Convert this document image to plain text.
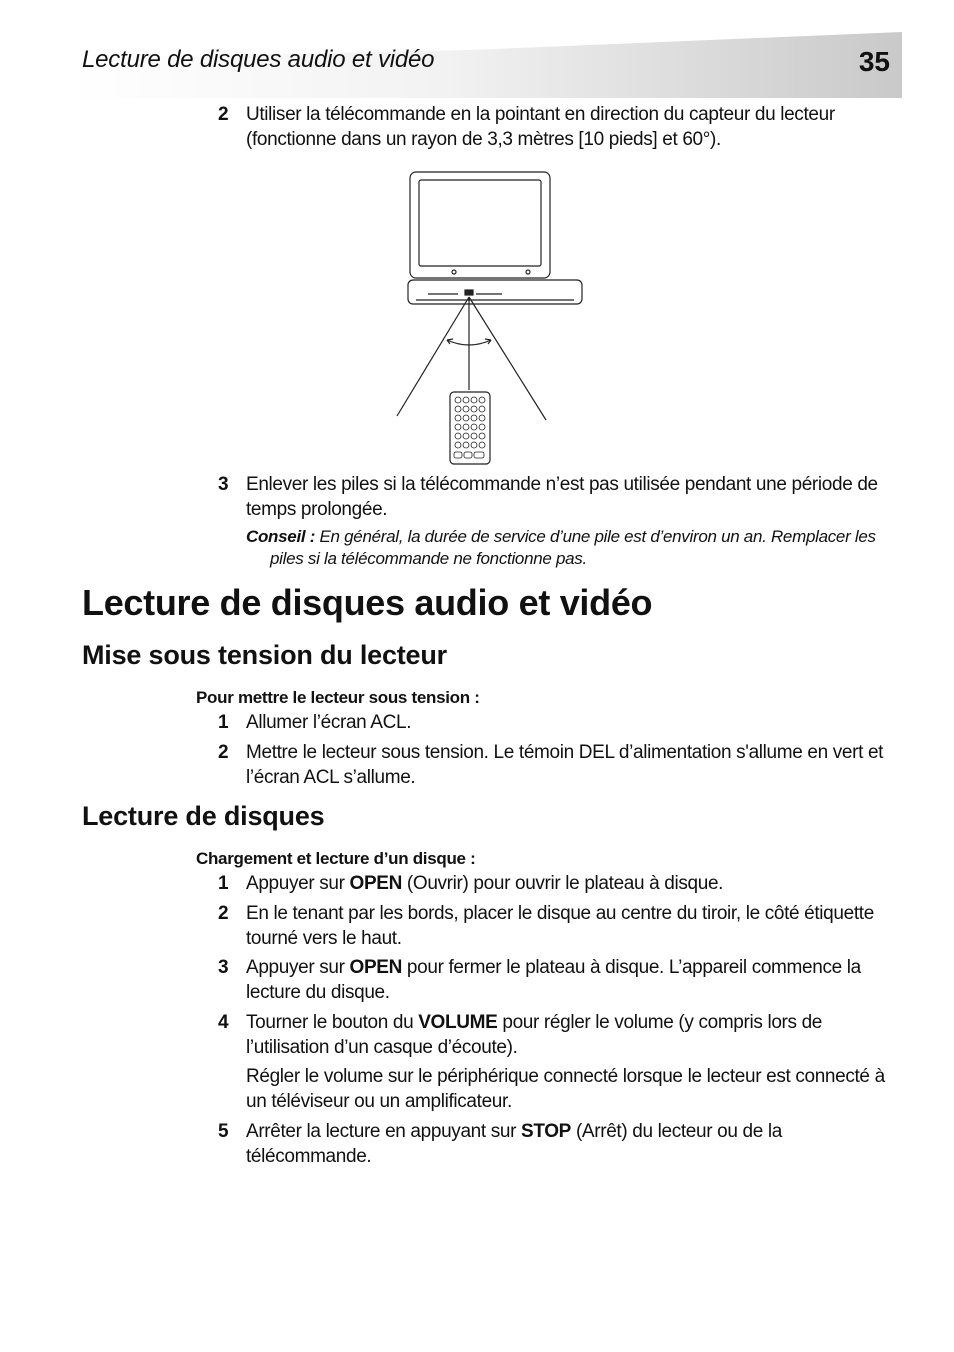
Lecture de disques audio et vidéo	35
2 Utiliser la télécommande en la pointant en direction du capteur du lecteur (fonctionne dans un rayon de 3,3 mètres [10 pieds] et 60°).
3 Enlever les piles si la télécommande n’est pas utilisée pendant une période de temps prolongée.
Conseil : En général, la durée de service d’une pile est d’environ un an. Remplacer les piles si la télécommande ne fonctionne pas.
Lecture de disques audio et vidéo
Mise sous tension du lecteur
Pour mettre le lecteur sous tension :
1 Allumer l’écran ACL.
2 Mettre le lecteur sous tension. Le témoin DEL d’alimentation s'allume en vert et l’écran ACL s’allume.
Lecture de disques
Chargement et lecture d’un disque :
1 Appuyer sur OPEN (Ouvrir) pour ouvrir le plateau à disque.
2 En le tenant par les bords, placer le disque au centre du tiroir, le côté étiquette tourné vers le haut.
3 Appuyer sur OPEN pour fermer le plateau à disque. L’appareil commence la lecture du disque.
4 Tourner le bouton du VOLUME pour régler le volume (y compris lors de l’utilisation d’un casque d’écoute).
Régler le volume sur le périphérique connecté lorsque le lecteur est connecté à un téléviseur ou un amplificateur.
5 Arrêter la lecture en appuyant sur STOP (Arrêt) du lecteur ou de la télécommande.
